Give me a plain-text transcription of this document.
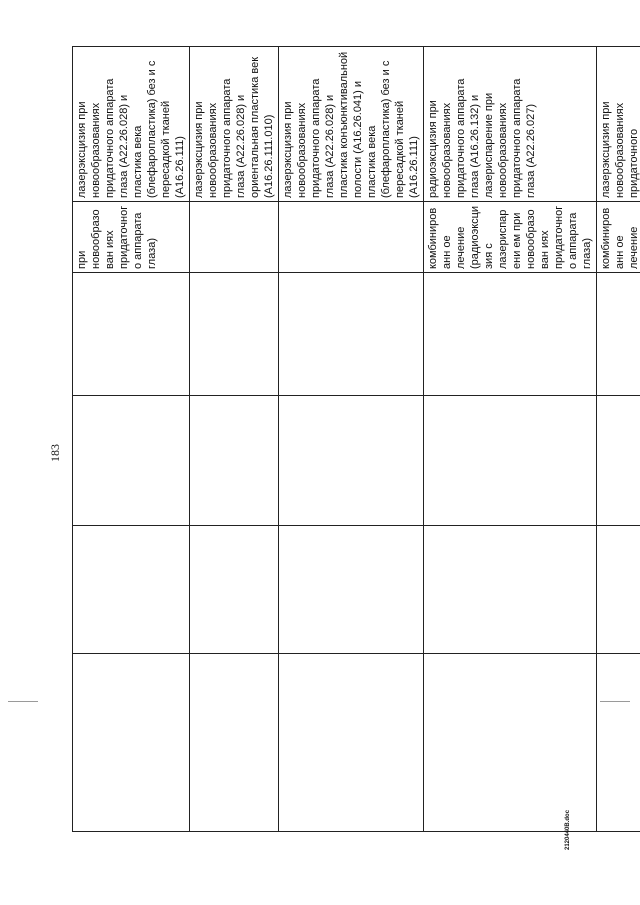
183
				при новообразован иях придаточного аппарата глаза)	лазерэксцизия при новообразованиях придаточного аппарата глаза (А22.26.028) и пластика века (блефаропластика) без и с пересадкой тканей (А16.26.111)
					лазерэксцизия при новообразованиях придаточного аппарата глаза (А22.26.028) и ориентальная пластика век (А16.26.111.010)
					лазерэксцизия при новообразованиях придаточного аппарата глаза (А22.26.028) и пластика конъюнктивальной полости (А16.26.041) и пластика века (блефаропластика) без и с пересадкой тканей (А16.26.111)
				комбинированн ое лечение (радиоэксцизия с лазериспарени ем при новообразован иях придаточного аппарата глаза)	радиоэксцизия при новообразованиях придаточного аппарата глаза (А16.26.132) и лазериспарение при новообразованиях придаточного аппарата глаза (А22.26.027)
				комбинированн ое лечение	лазерэксцизия при новообразованиях придаточного
2120440B.doc
